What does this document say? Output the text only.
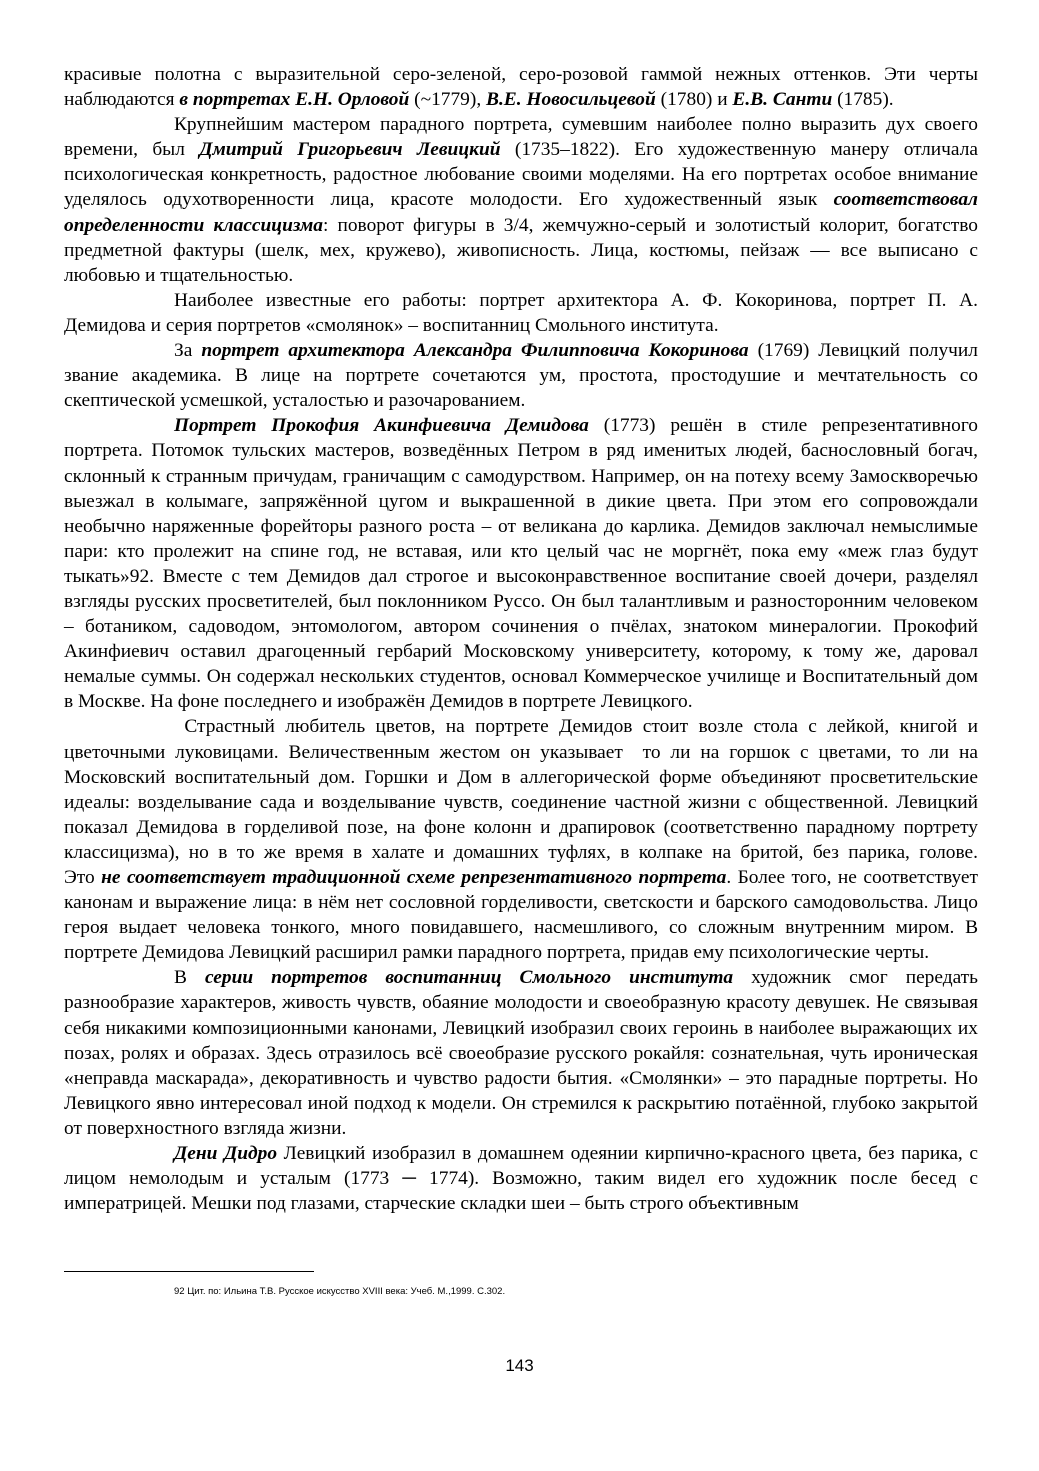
красивые полотна с выразительной серо-зеленой, серо-розовой гаммой нежных оттенков. Эти черты наблюдаются в портретах Е.Н. Орловой (~1779), В.Е. Новосильцевой (1780) и Е.В. Санти (1785).

Крупнейшим мастером парадного портрета, сумевшим наиболее полно выразить дух своего времени, был Дмитрий Григорьевич Левицкий (1735–1822). Его художественную манеру отличала психологическая конкретность, радостное любование своими моделями. На его портретах особое внимание уделялось одухотворенности лица, красоте молодости. Его художественный язык соответствовал определенности классицизма: поворот фигуры в 3/4, жемчужно-серый и золотистый колорит, богатство предметной фактуры (шелк, мех, кружево), живописность. Лица, костюмы, пейзаж — все выписано с любовью и тщательностью.

Наиболее известные его работы: портрет архитектора А. Ф. Кокоринова, портрет П. А. Демидова и серия портретов «смолянок» – воспитанниц Смольного института.

За портрет архитектора Александра Филипповича Кокоринова (1769) Левицкий получил звание академика. В лице на портрете сочетаются ум, простота, простодушие и мечтательность со скептической усмешкой, усталостью и разочарованием.

Портрет Прокофия Акинфиевича Демидова (1773) решён в стиле репрезентативного портрета. Потомок тульских мастеров, возведённых Петром в ряд именитых людей, баснословный богач, склонный к странным причудам, граничащим с самодурством. Например, он на потеху всему Замоскворечью выезжал в колымаге, запряжённой цугом и выкрашенной в дикие цвета. При этом его сопровождали необычно наряженные форейторы разного роста – от великана до карлика. Демидов заключал немыслимые пари: кто пролежит на спине год, не вставая, или кто целый час не моргнёт, пока ему «меж глаз будут тыкать»92. Вместе с тем Демидов дал строгое и высоконравственное воспитание своей дочери, разделял взгляды русских просветителей, был поклонником Руссо. Он был талантливым и разносторонним человеком – ботаником, садоводом, энтомологом, автором сочинения о пчёлах, знатоком минералогии. Прокофий Акинфиевич оставил драгоценный гербарий Московскому университету, которому, к тому же, даровал немалые суммы. Он содержал нескольких студентов, основал Коммерческое училище и Воспитательный дом в Москве. На фоне последнего и изображён Демидов в портрете Левицкого.

Страстный любитель цветов, на портрете Демидов стоит возле стола с лейкой, книгой и цветочными луковицами. Величественным жестом он указывает  то ли на горшок с цветами, то ли на Московский воспитательный дом. Горшки и Дом в аллегорической форме объединяют просветительские идеалы: возделывание сада и возделывание чувств, соединение частной жизни с общественной. Левицкий показал Демидова в горделивой позе, на фоне колонн и драпировок (соответственно парадному портрету классицизма), но в то же время в халате и домашних туфлях, в колпаке на бритой, без парика, голове.          Это не соответствует традиционной схеме репрезентативного портрета. Более того, не соответствует канонам и выражение лица: в нём нет сословной горделивости, светскости и барского самодовольства. Лицо героя выдает человека тонкого, много повидавшего, насмешливого, со сложным внутренним миром. В портрете Демидова Левицкий расширил рамки парадного портрета, придав ему психологические черты.

В серии портретов воспитанниц Смольного института художник смог передать разнообразие характеров, живость чувств, обаяние молодости и своеобразную красоту девушек. Не связывая себя никакими композиционными канонами, Левицкий изобразил своих героинь в наиболее выражающих их позах, ролях и образах. Здесь отразилось всё своеобразие русского рокайля: сознательная, чуть ироническая «неправда маскарада», декоративность и чувство радости бытия. «Смолянки» – это парадные портреты. Но Левицкого явно интересовал иной подход к модели. Он стремился к раскрытию потаённой, глубоко закрытой от поверхностного взгляда жизни.

Дени Дидро Левицкий изобразил в домашнем одеянии кирпично-красного цвета, без парика, с лицом немолодым и усталым (1773 ─ 1774). Возможно, таким видел его художник после бесед с императрицей. Мешки под глазами, старческие складки шеи – быть строго объективным

92 Цит. по: Ильина Т.В. Русское искусство XVIII века: Учеб. М.,1999. С.302.
143
